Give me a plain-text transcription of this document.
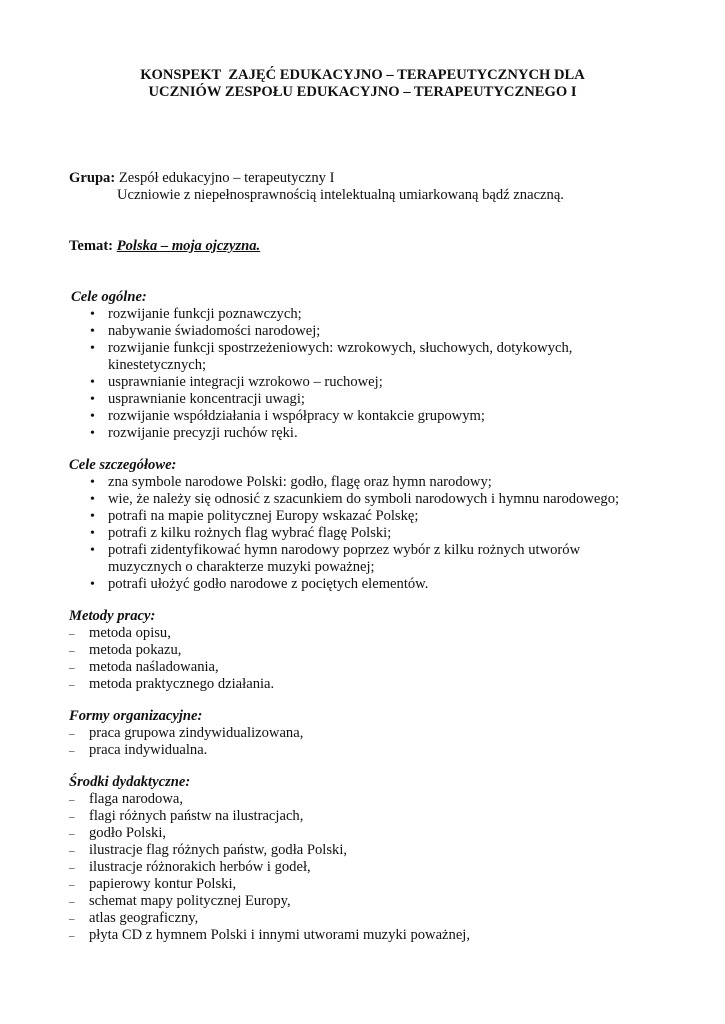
KONSPEKT  ZAJĘĆ EDUKACYJNO – TERAPEUTYCZNYCH DLA
UCZNIÓW ZESPOŁU EDUKACYJNO – TERAPEUTYCZNEGO I
Grupa: Zespół edukacyjno – terapeutyczny I
Uczniowie z niepełnosprawnością intelektualną umiarkowaną bądź znaczną.
Temat: Polska – moja ojczyzna.
Cele ogólne:
• rozwijanie funkcji poznawczych;
• nabywanie świadomości narodowej;
• rozwijanie funkcji spostrzeżeniowych: wzrokowych, słuchowych, dotykowych, kinestetycznych;
• usprawnianie integracji wzrokowo – ruchowej;
• usprawnianie koncentracji uwagi;
• rozwijanie współdziałania i współpracy w kontakcie grupowym;
• rozwijanie precyzji ruchów ręki.
Cele szczegółowe:
• zna symbole narodowe Polski: godło, flagę oraz hymn narodowy;
• wie, że należy się odnosić z szacunkiem do symboli narodowych i hymnu narodowego;
• potrafi na mapie politycznej Europy wskazać Polskę;
• potrafi z kilku rożnych flag wybrać flagę Polski;
• potrafi zidentyfikować hymn narodowy poprzez wybór z kilku rożnych utworów muzycznych o charakterze muzyki poważnej;
• potrafi ułożyć godło narodowe z pociętych elementów.
Metody pracy:
– metoda opisu,
– metoda pokazu,
– metoda naśladowania,
– metoda praktycznego działania.
Formy organizacyjne:
– praca grupowa zindywidualizowana,
– praca indywidualna.
Środki dydaktyczne:
– flaga narodowa,
– flagi różnych państw na ilustracjach,
– godło Polski,
– ilustracje flag różnych państw, godła Polski,
– ilustracje różnorakich herbów i godeł,
– papierowy kontur Polski,
– schemat mapy politycznej Europy,
– atlas geograficzny,
– płyta CD z hymnem Polski i innymi utworami muzyki poważnej,
